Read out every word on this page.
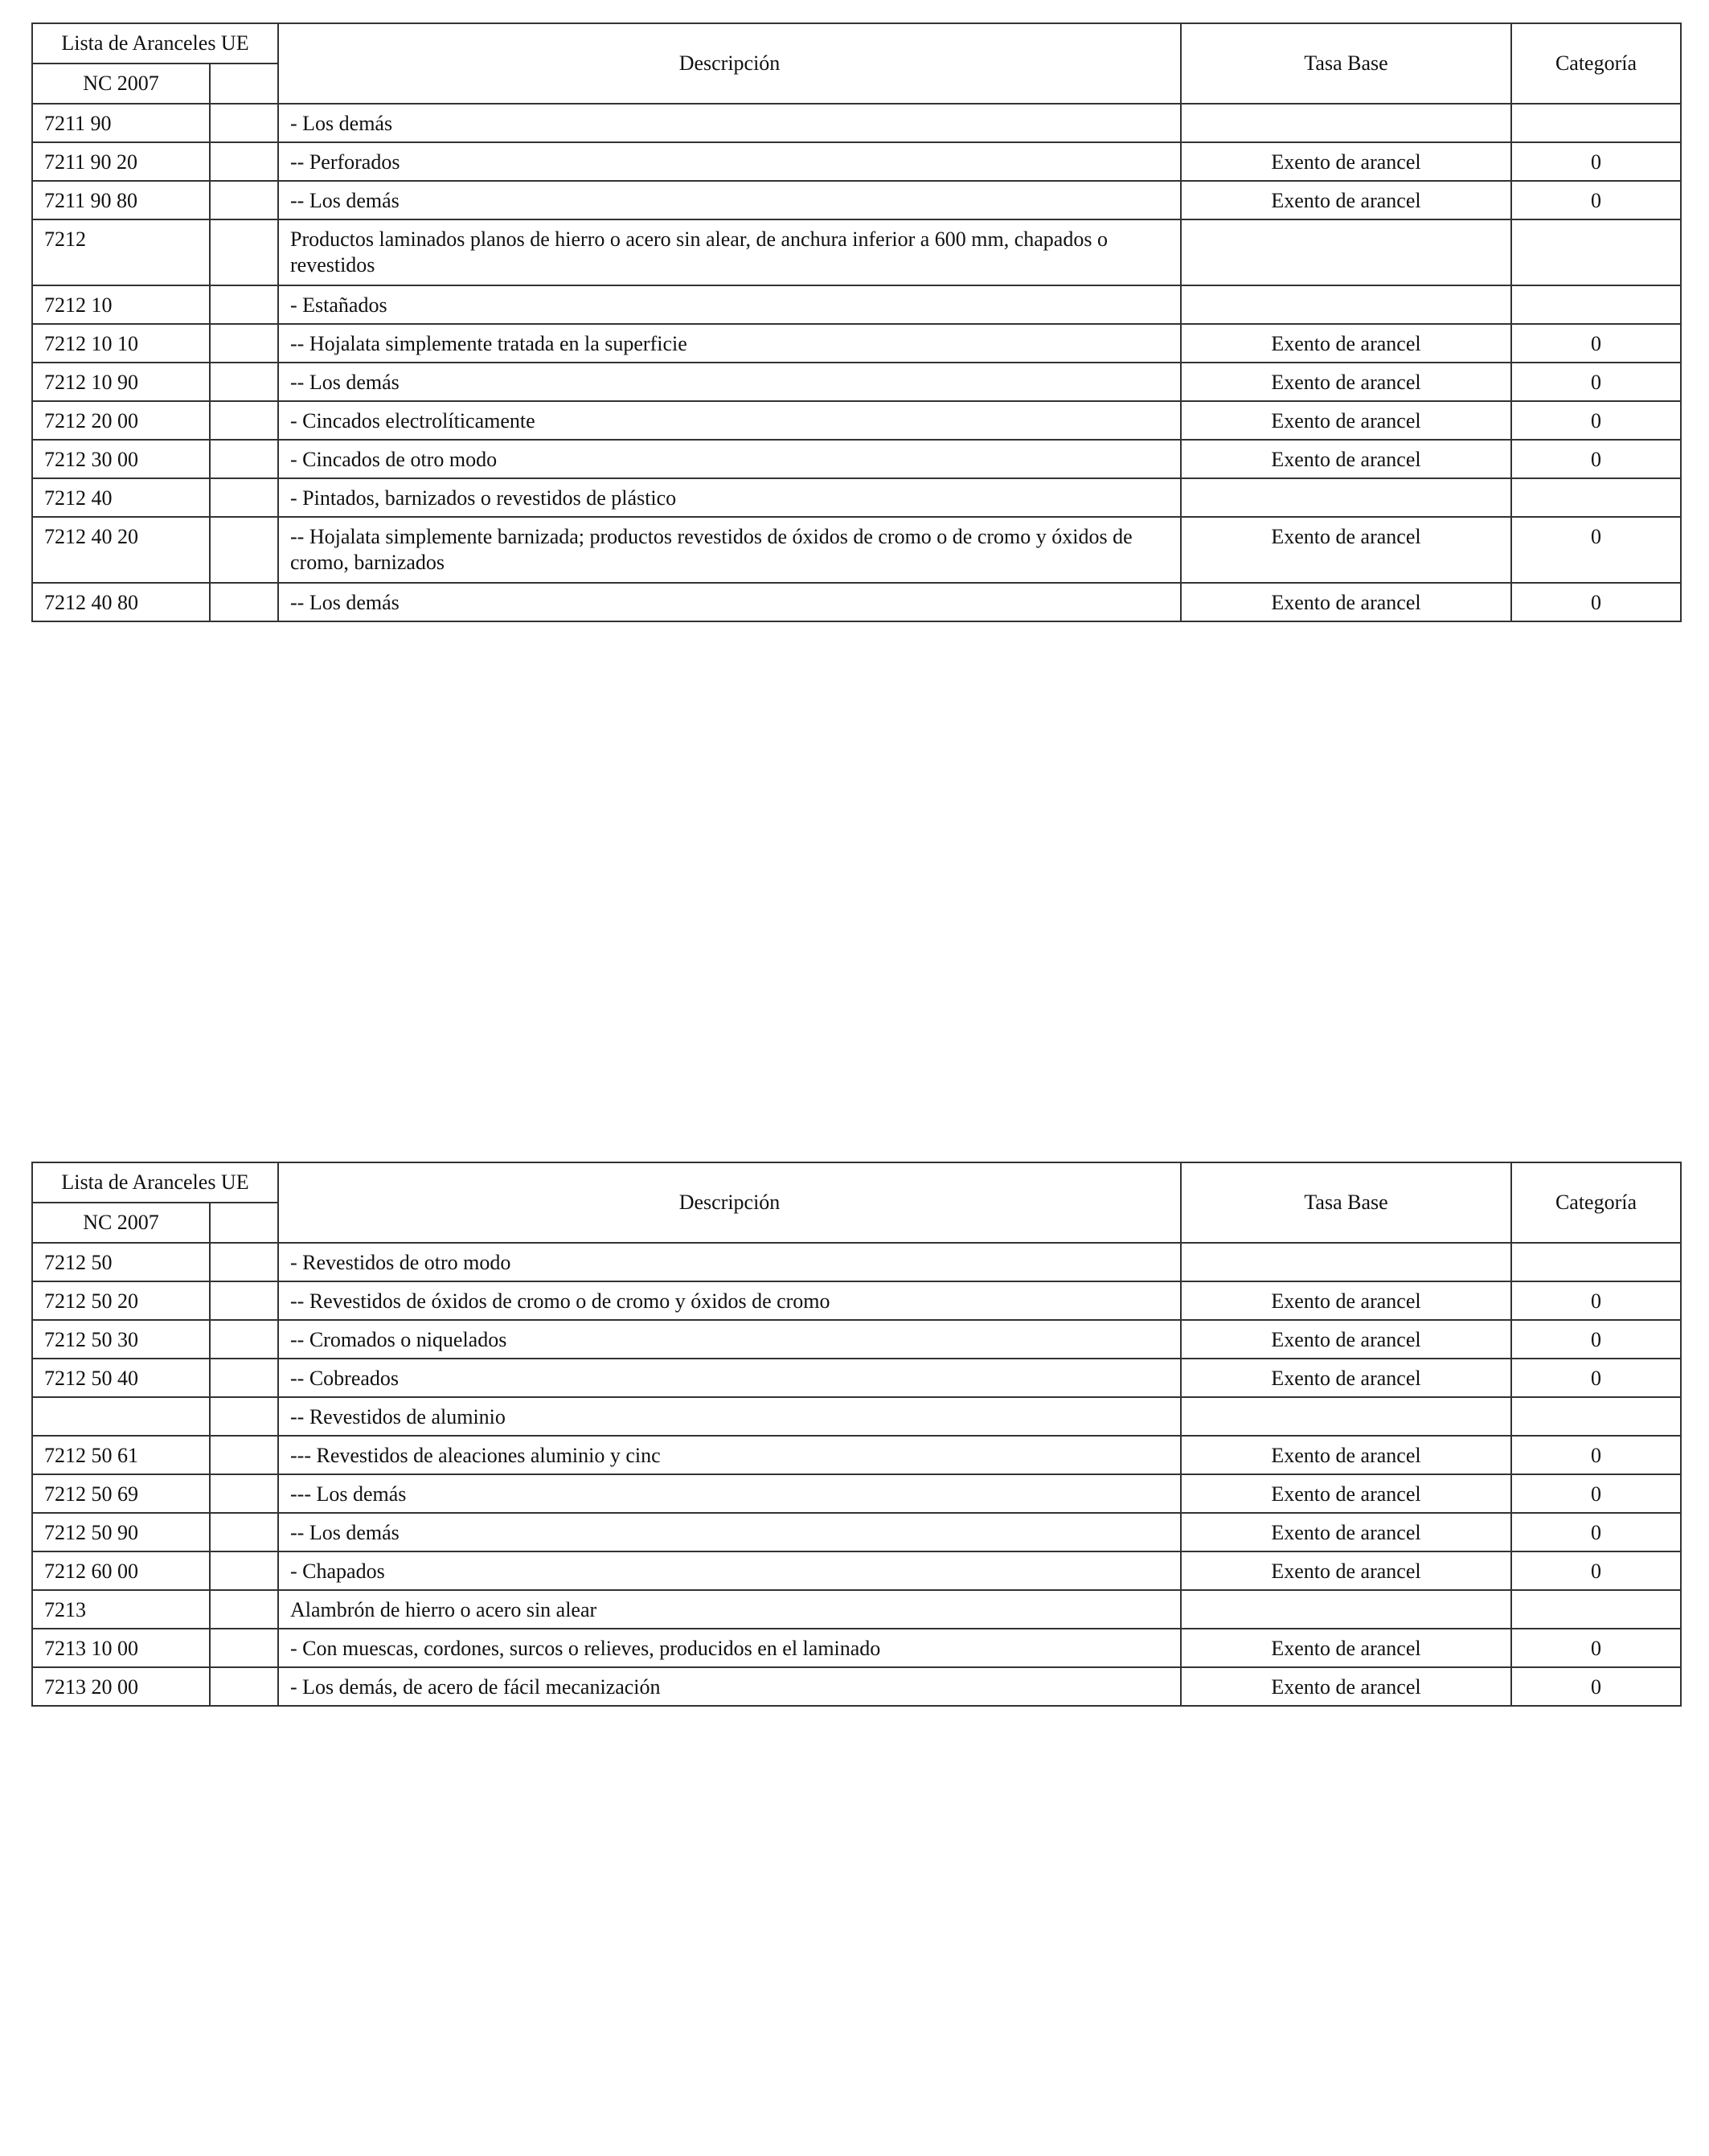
Lista de Aranceles UE		Descripción	Tasa Base	Categoría
NC 2007				
7211 90		- Los demás		
7211 90 20		-- Perforados	Exento de arancel	0
7211 90 80		-- Los demás	Exento de arancel	0
7212		Productos laminados planos de hierro o acero sin alear, de anchura inferior a 600 mm, chapados o revestidos		
7212 10		- Estañados		
7212 10 10		-- Hojalata simplemente tratada en la superficie	Exento de arancel	0
7212 10 90		-- Los demás	Exento de arancel	0
7212 20 00		- Cincados electrolíticamente	Exento de arancel	0
7212 30 00		- Cincados de otro modo	Exento de arancel	0
7212 40		- Pintados, barnizados o revestidos de plástico		
7212 40 20		-- Hojalata simplemente barnizada; productos revestidos de óxidos de cromo o de cromo y óxidos de cromo, barnizados	Exento de arancel	0
7212 40 80		-- Los demás	Exento de arancel	0
Lista de Aranceles UE		Descripción	Tasa Base	Categoría
NC 2007				
7212 50		- Revestidos de otro modo		
7212 50 20		-- Revestidos de óxidos de cromo o de cromo y óxidos de cromo	Exento de arancel	0
7212 50 30		-- Cromados o niquelados	Exento de arancel	0
7212 50 40		-- Cobreados	Exento de arancel	0
		-- Revestidos de aluminio		
7212 50 61		--- Revestidos de aleaciones aluminio y cinc	Exento de arancel	0
7212 50 69		--- Los demás	Exento de arancel	0
7212 50 90		-- Los demás	Exento de arancel	0
7212 60 00		- Chapados	Exento de arancel	0
7213		Alambrón de hierro o acero sin alear		
7213 10 00		- Con muescas, cordones, surcos o relieves, producidos en el laminado	Exento de arancel	0
7213 20 00		- Los demás, de acero de fácil mecanización	Exento de arancel	0
